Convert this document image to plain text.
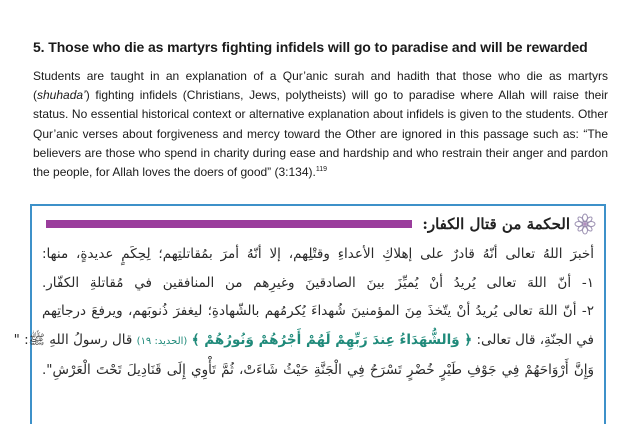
5. Those who die as martyrs fighting infidels will go to paradise and will be rewarded
Students are taught in an explanation of a Qur’anic surah and hadith that those who die as martyrs (shuhada’) fighting infidels (Christians, Jews, polytheists) will go to paradise where Allah will raise their status. No essential historical context or alternative explanation about infidels is given to the students. Other Qur’anic verses about forgiveness and mercy toward the Other are ignored in this passage such as: “The believers are those who spend in charity during ease and hardship and who restrain their anger and pardon the people, for Allah loves the doers of good” (3:134).$^{119}$
الحكمة من قتال الكفار:
أخبرَ اللهُ تعالى أنّهُ قادرٌ على إهلاكِ الأعداءِ وقتْلِهم، إلا أنّهُ أمرَ بمُقاتلتِهم؛ لِحِكَمٍ عديدةٍ، منها:
١- أنّ اللهَ تعالى يُريدُ أنْ يُميِّزَ بينَ الصادقينَ وغيرِهم من المنافقين في مُقاتلةِ الكفّار.
٢- أنّ اللهَ تعالى يُريدُ أنْ يتّخذَ مِنَ المؤمنينَ شُهداءَ يُكرمُهم بالشّهادةِ؛ ليغفرَ ذُنوبَهم، ويرفعَ درجاتِهم
في الجنّةِ، قال تعالى: ﴿ وَالشُّهَدَاءُ عِندَ رَبِّهِمْ لَهُمْ أَجْرُهُمْ وَنُورُهُمْ ﴾ (الحديد: ١٩) قال رسولُ اللهِ ﷺ: "
وَإِنَّ أَرْوَاحَهُمْ فِي جَوْفِ طَيْرٍ خُضْرٍ تَسْرَحُ فِي الْجَنَّةِ حَيْثُ شَاءَتْ، ثُمَّ تَأْوِي إِلَى قَنَادِيلَ تَحْتَ الْعَرْشِ".
